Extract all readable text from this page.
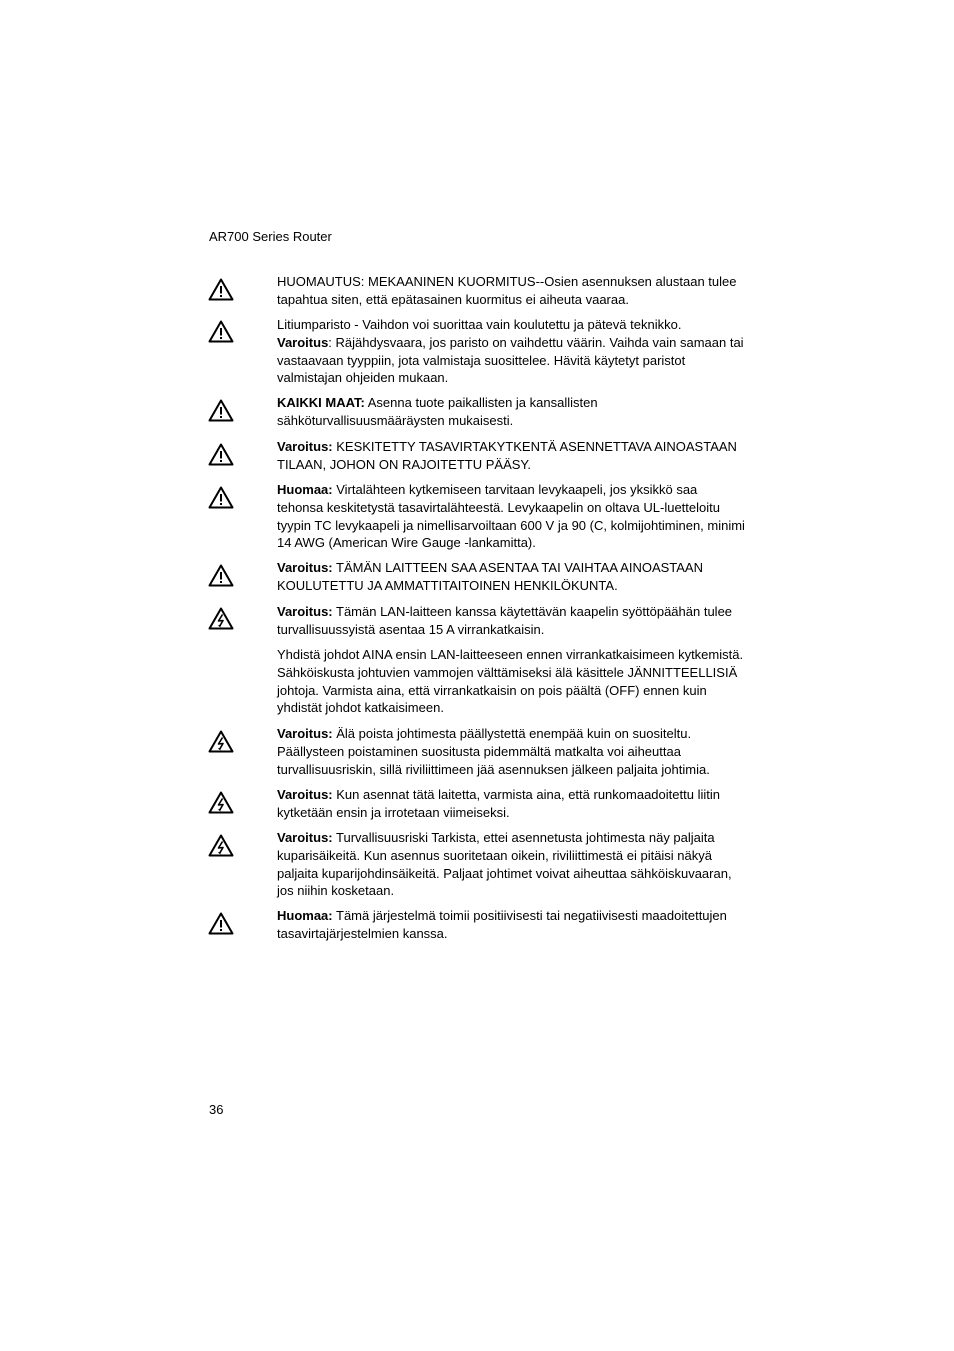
AR700 Series Router
HUOMAUTUS: MEKAANINEN KUORMITUS--Osien asennuksen alustaan tulee tapahtua siten, että epätasainen kuormitus ei aiheuta vaaraa.
Litiumparisto - Vaihdon voi suorittaa vain koulutettu ja pätevä teknikko.
Varoitus: Räjähdysvaara, jos paristo on vaihdettu väärin. Vaihda vain samaan tai vastaavaan tyyppiin, jota valmistaja suosittelee. Hävitä käytetyt paristot valmistajan ohjeiden mukaan.
KAIKKI MAAT: Asenna tuote paikallisten ja kansallisten sähköturvallisuusmääräysten mukaisesti.
Varoitus: KESKITETTY TASAVIRTAKYTKENTÄ ASENNETTAVA AINOASTAAN TILAAN, JOHON ON RAJOITETTU PÄÄSY.
Huomaa: Virtalähteen kytkemiseen tarvitaan levykaapeli, jos yksikkö saa tehonsa keskitetystä tasavirtalähteestä. Levykaapelin on oltava UL-luetteloitu tyypin TC levykaapeli ja nimellisarvoiltaan 600 V ja 90 (C, kolmijohtiminen, minimi 14 AWG (American Wire Gauge -lankamitta).
Varoitus: TÄMÄN LAITTEEN SAA ASENTAA TAI VAIHTAA AINOASTAAN KOULUTETTU JA AMMATTITAITOINEN HENKILÖKUNTA.
Varoitus: Tämän LAN-laitteen kanssa käytettävän kaapelin syöttöpäähän tulee turvallisuussyistä asentaa 15 A virrankatkaisin.
Yhdistä johdot AINA ensin LAN-laitteeseen ennen virrankatkaisimeen kytkemistä. Sähköiskusta johtuvien vammojen välttämiseksi älä käsittele JÄNNITTEELLISIÄ johtoja. Varmista aina, että virrankatkaisin on pois päältä (OFF) ennen kuin yhdistät johdot katkaisimeen.
Varoitus: Älä poista johtimesta päällystettä enempää kuin on suositeltu. Päällysteen poistaminen suositusta pidemmältä matkalta voi aiheuttaa turvallisuusriskin, sillä riviliittimeen jää asennuksen jälkeen paljaita johtimia.
Varoitus: Kun asennat tätä laitetta, varmista aina, että runkomaadoitettu liitin kytketään ensin ja irrotetaan viimeiseksi.
Varoitus: Turvallisuusriski Tarkista, ettei asennetusta johtimesta näy paljaita kuparisäikeitä. Kun asennus suoritetaan oikein, riviliittimestä ei pitäisi näkyä paljaita kuparijohdinsäikeitä. Paljaat johtimet voivat aiheuttaa sähköiskuvaaran, jos niihin kosketaan.
Huomaa: Tämä järjestelmä toimii positiivisesti tai negatiivisesti maadoitettujen tasavirtajärjestelmien kanssa.
36
